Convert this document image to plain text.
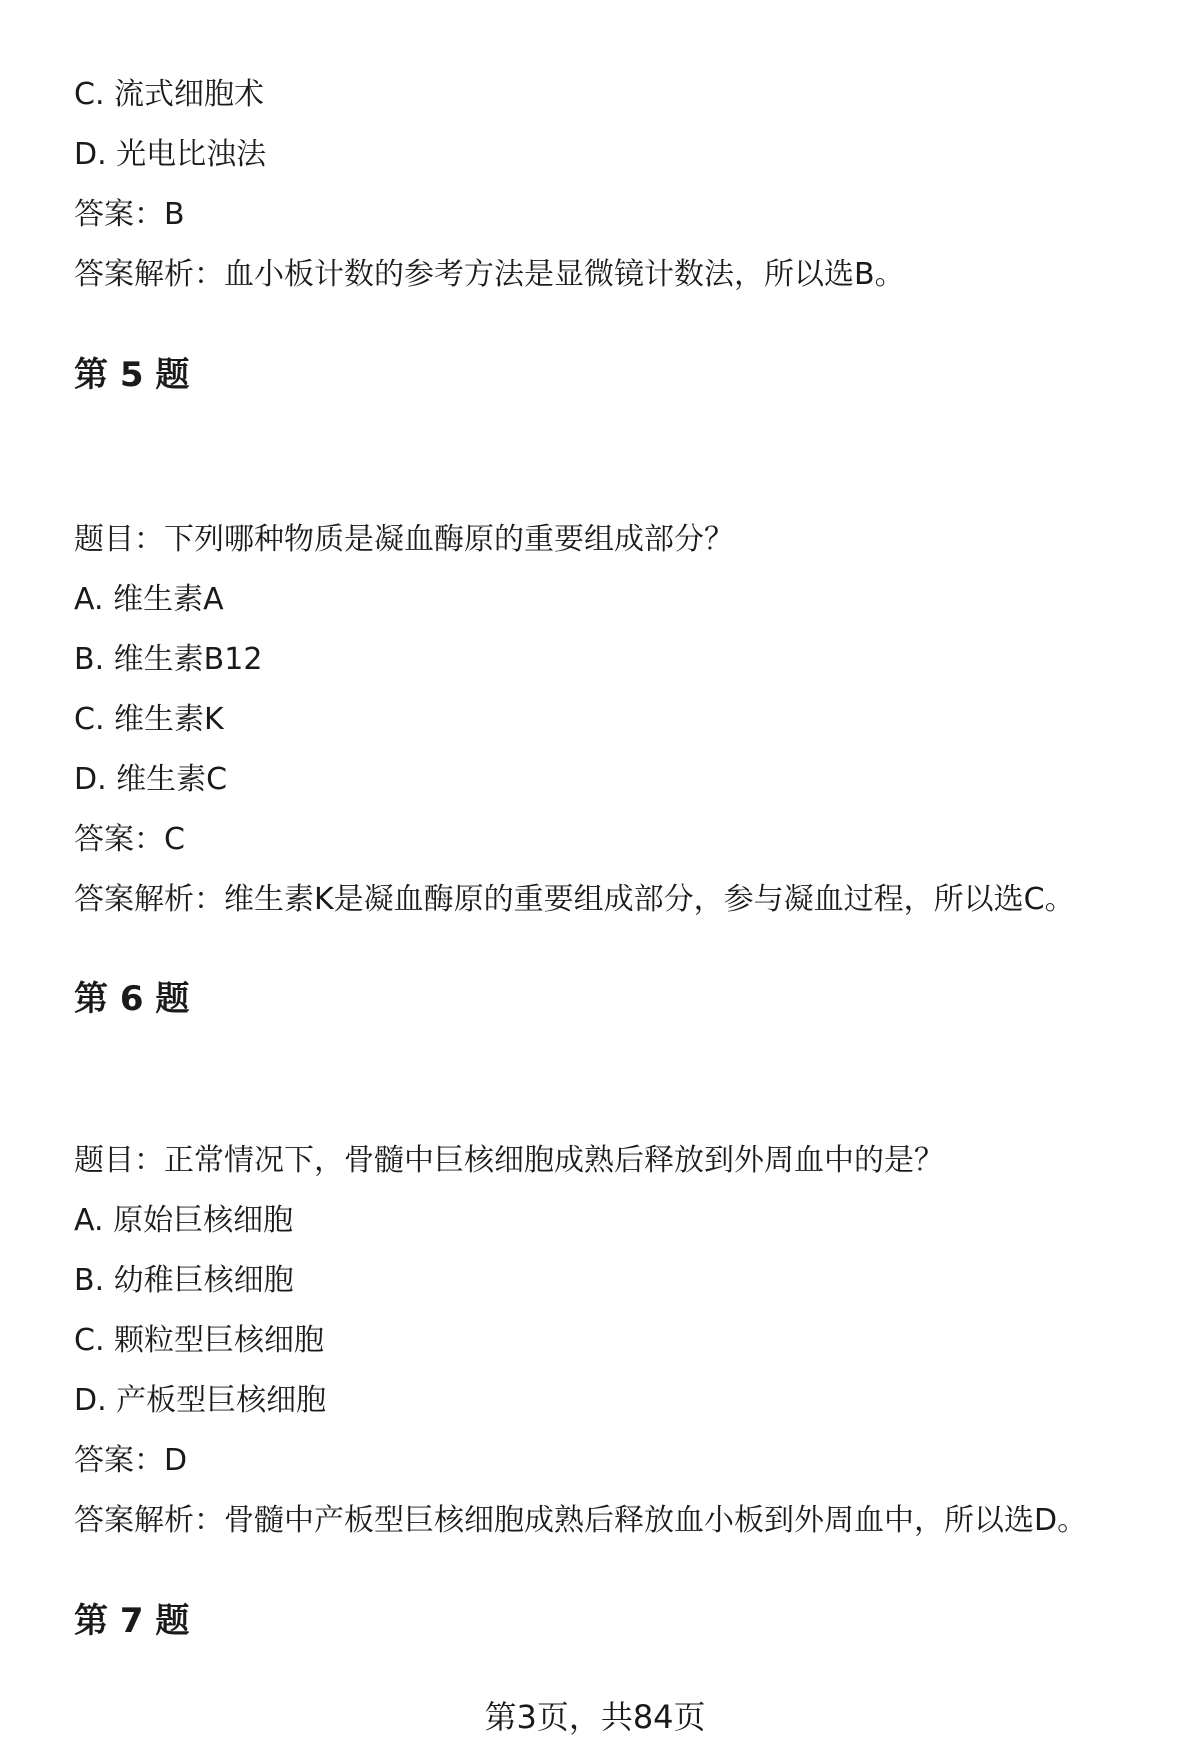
C. 流式细胞术
D. 光电比浊法
答案：B
答案解析：血小板计数的参考方法是显微镜计数法，所以选B。
第 5 题
题目：下列哪种物质是凝血酶原的重要组成部分？
A. 维生素A
B. 维生素B12
C. 维生素K
D. 维生素C
答案：C
答案解析：维生素K是凝血酶原的重要组成部分，参与凝血过程，所以选C。
第 6 题
题目：正常情况下，骨髓中巨核细胞成熟后释放到外周血中的是？
A. 原始巨核细胞
B. 幼稚巨核细胞
C. 颗粒型巨核细胞
D. 产板型巨核细胞
答案：D
答案解析：骨髓中产板型巨核细胞成熟后释放血小板到外周血中，所以选D。
第 7 题
第3页，共84页
